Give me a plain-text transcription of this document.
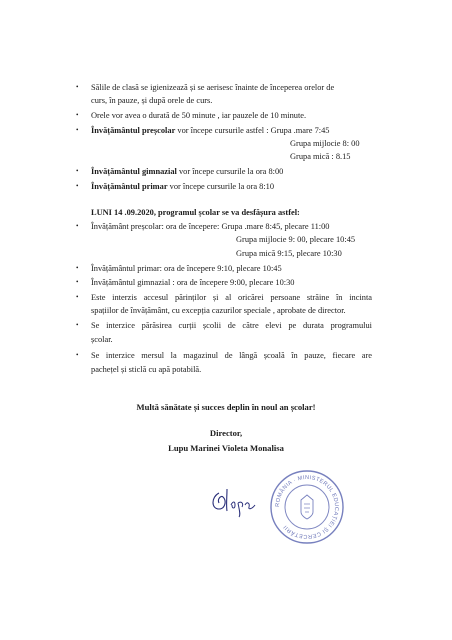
• Sălile de clasă se igienizează și se aerisesc înainte de începerea orelor de
curs, în pauze, și după orele de curs.
• Orele vor avea o durată de 50 minute , iar pauzele de 10 minute.
• Învățământul preșcolar vor începe cursurile astfel : Grupa .mare 7:45
Grupa mijlocie 8: 00
Grupa mică : 8.15
• Învățământul gimnazial vor începe cursurile la ora 8:00
• Învățământul primar vor începe cursurile la ora 8:10
LUNI 14 .09.2020, programul școlar se va desfășura astfel:
• Învățământ preșcolar: ora de începere: Grupa .mare 8:45, plecare 11:00
Grupa mijlocie 9: 00, plecare 10:45
Grupa mică 9:15, plecare 10:30
• Învățământul primar: ora de începere 9:10, plecare 10:45
• Învățământul gimnazial : ora de începere 9:00, plecare 10:30
• Este interzis accesul părinților și al oricărei persoane străine în incinta
spațiilor de învățământ, cu excepția cazurilor speciale , aprobate de director.
• Se interzice părăsirea curții școlii de către elevi pe durata programului
școlar.
• Se interzice mersul la magazinul de lângă școală în pauze, fiecare are
pachețel și sticlă cu apă potabilă.
Multă sănătate și succes deplin în noul an școlar!
Director,
Lupu Marinei Violeta Monalisa
ROMÂNIA · MINISTERUL EDUCAȚIEI ȘI CERCETĂRII
